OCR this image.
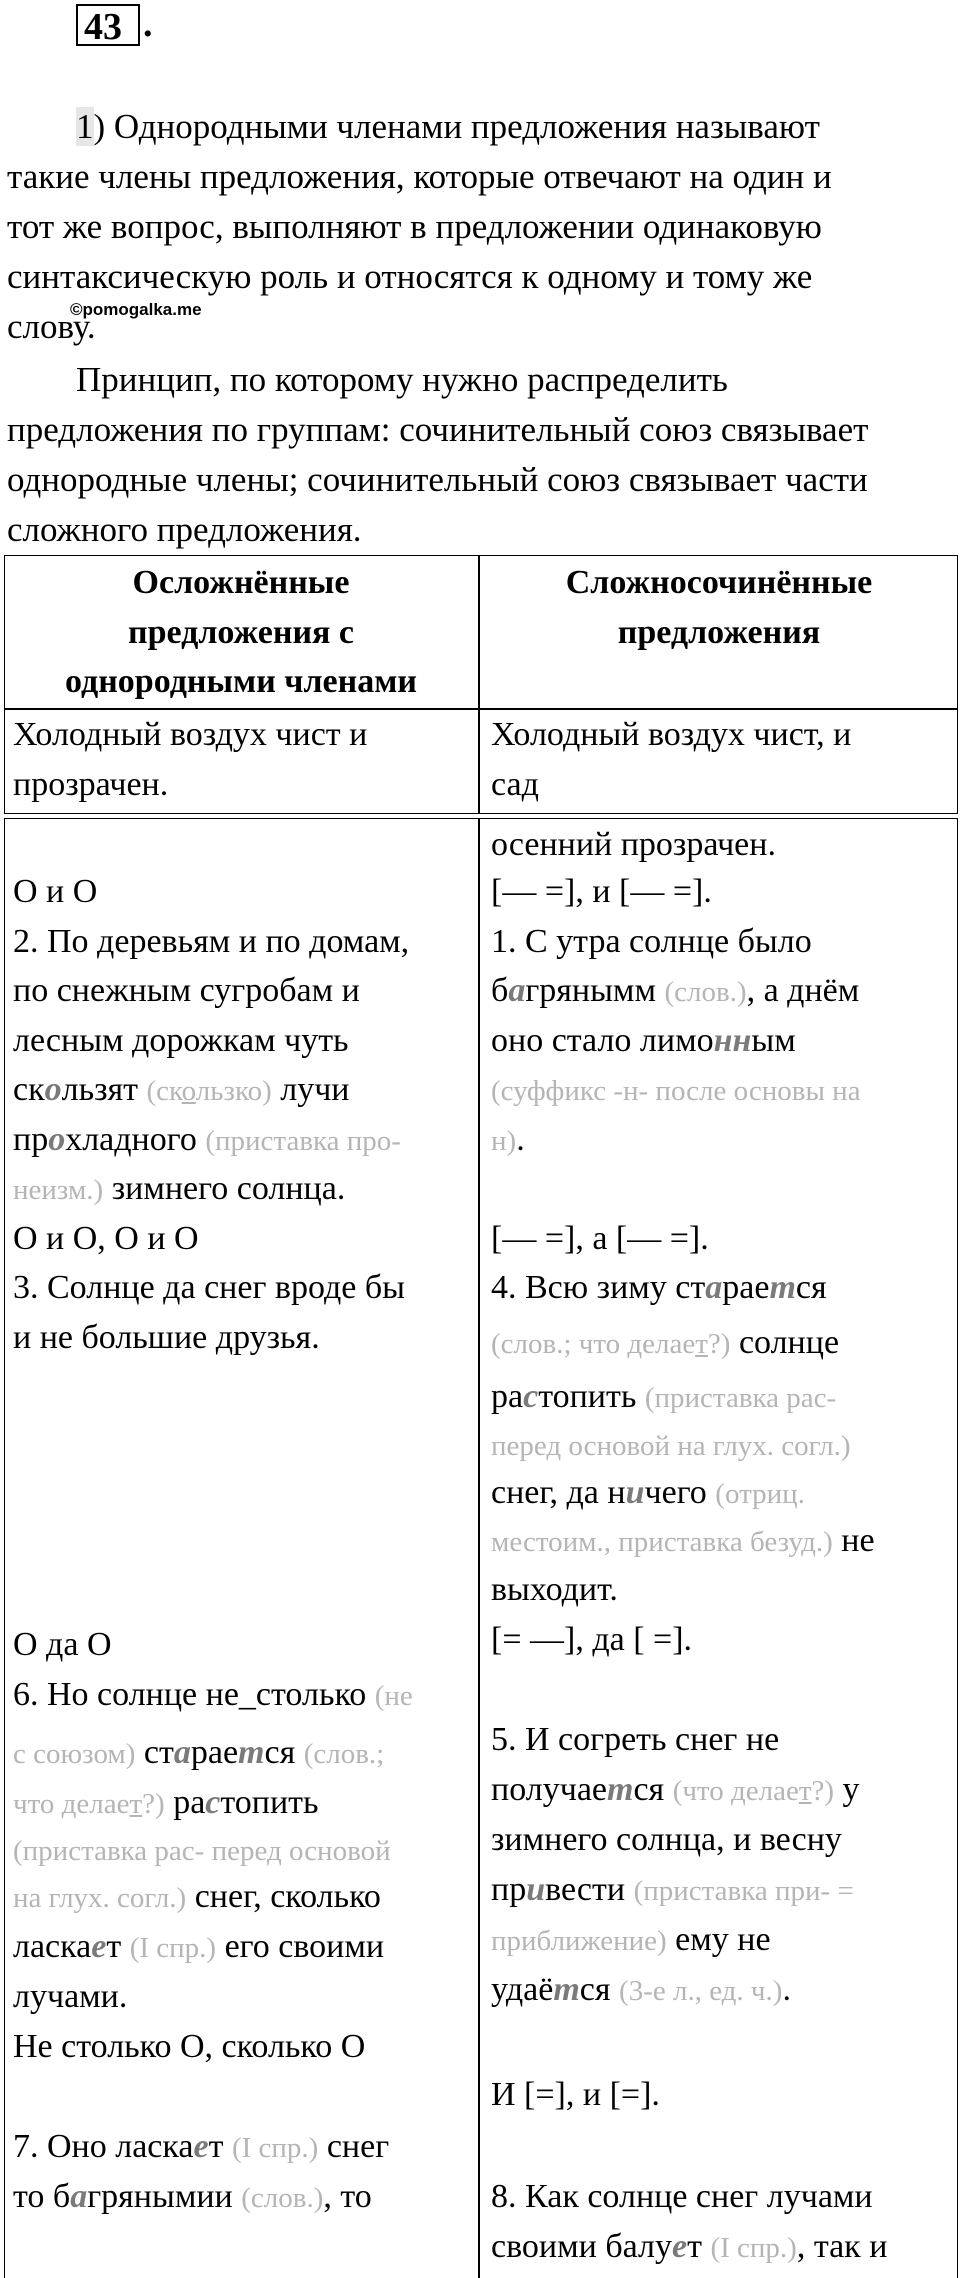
43 .
1) Однородными членами предложения называют
такие члены предложения, которые отвечают на один и
тот же вопрос, выполняют в предложении одинаковую
синтаксическую роль и относятся к одному и тому же
слову.
©pomogalka.me
Принцип, по которому нужно распределить
предложения по группам: сочинительный союз связывает
однородные члены; сочинительный союз связывает части
сложного предложения.
Осложнённые
предложения с
однородными членами
Сложносочинённые
предложения
Холодный воздух чист и
прозрачен.
Холодный воздух чист, и
сад
О и О
2. По деревьям и по домам,
по снежным сугробам и
лесным дорожкам чуть
скользят (скользко) лучи
прохладного (приставка про-
неизм.) зимнего солнца.
О и О, О и О
3. Солнце да снег вроде бы
и не большие друзья.
О да О
6. Но солнце не_столько (не
с союзом) старается (слов.;
что делает?) растопить
(приставка рас- перед основой
на глух. согл.) снег, сколько
ласкает (I спр.) его своими
лучами.
Не столько О, сколько О
7. Оно ласкает (I спр.) снег
то багрянымии (слов.), то
осенний прозрачен.
[— =], и [— =].
1. С утра солнце было
багрянымм (слов.), а днём
оно стало лимонным
(суффикс -н- после основы на
н).
[— =], а [— =].
4. Всю зиму старается
(слов.; что делает?) солнце
растопить (приставка рас-
перед основой на глух. согл.)
снег, да ничего (отриц.
местоим., приставка безуд.) не
выходит.
[= —], да [ =].
5. И согреть снег не
получается (что делает?) у
зимнего солнца, и весну
привести (приставка при- =
приближение) ему не
удаётся (3-е л., ед. ч.).
И [=], и [=].
8. Как солнце снег лучами
своими балует (I спр.), так и
